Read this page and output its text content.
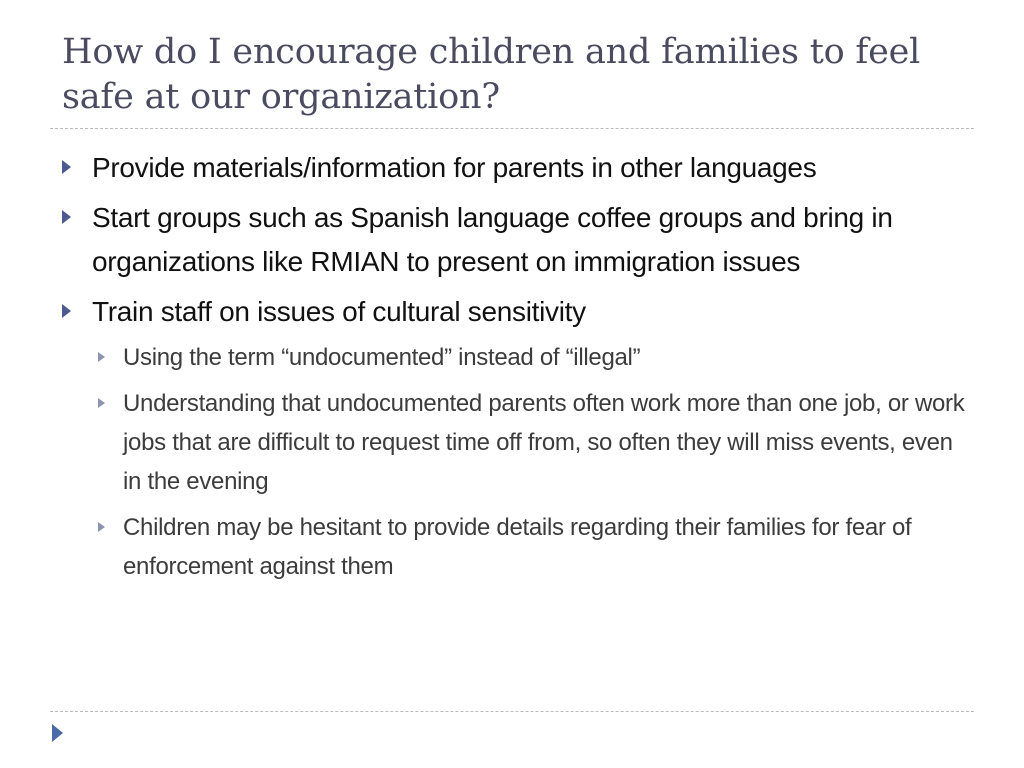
How do I encourage children and families to feel safe at our organization?
Provide materials/information for parents in other languages
Start groups such as Spanish language coffee groups and bring in organizations like RMIAN to present on immigration issues
Train staff on issues of cultural sensitivity
Using the term “undocumented” instead of “illegal”
Understanding that undocumented parents often work more than one job, or work jobs that are difficult to request time off from, so often they will miss events, even in the evening
Children may be hesitant to provide details regarding their families for fear of enforcement against them
